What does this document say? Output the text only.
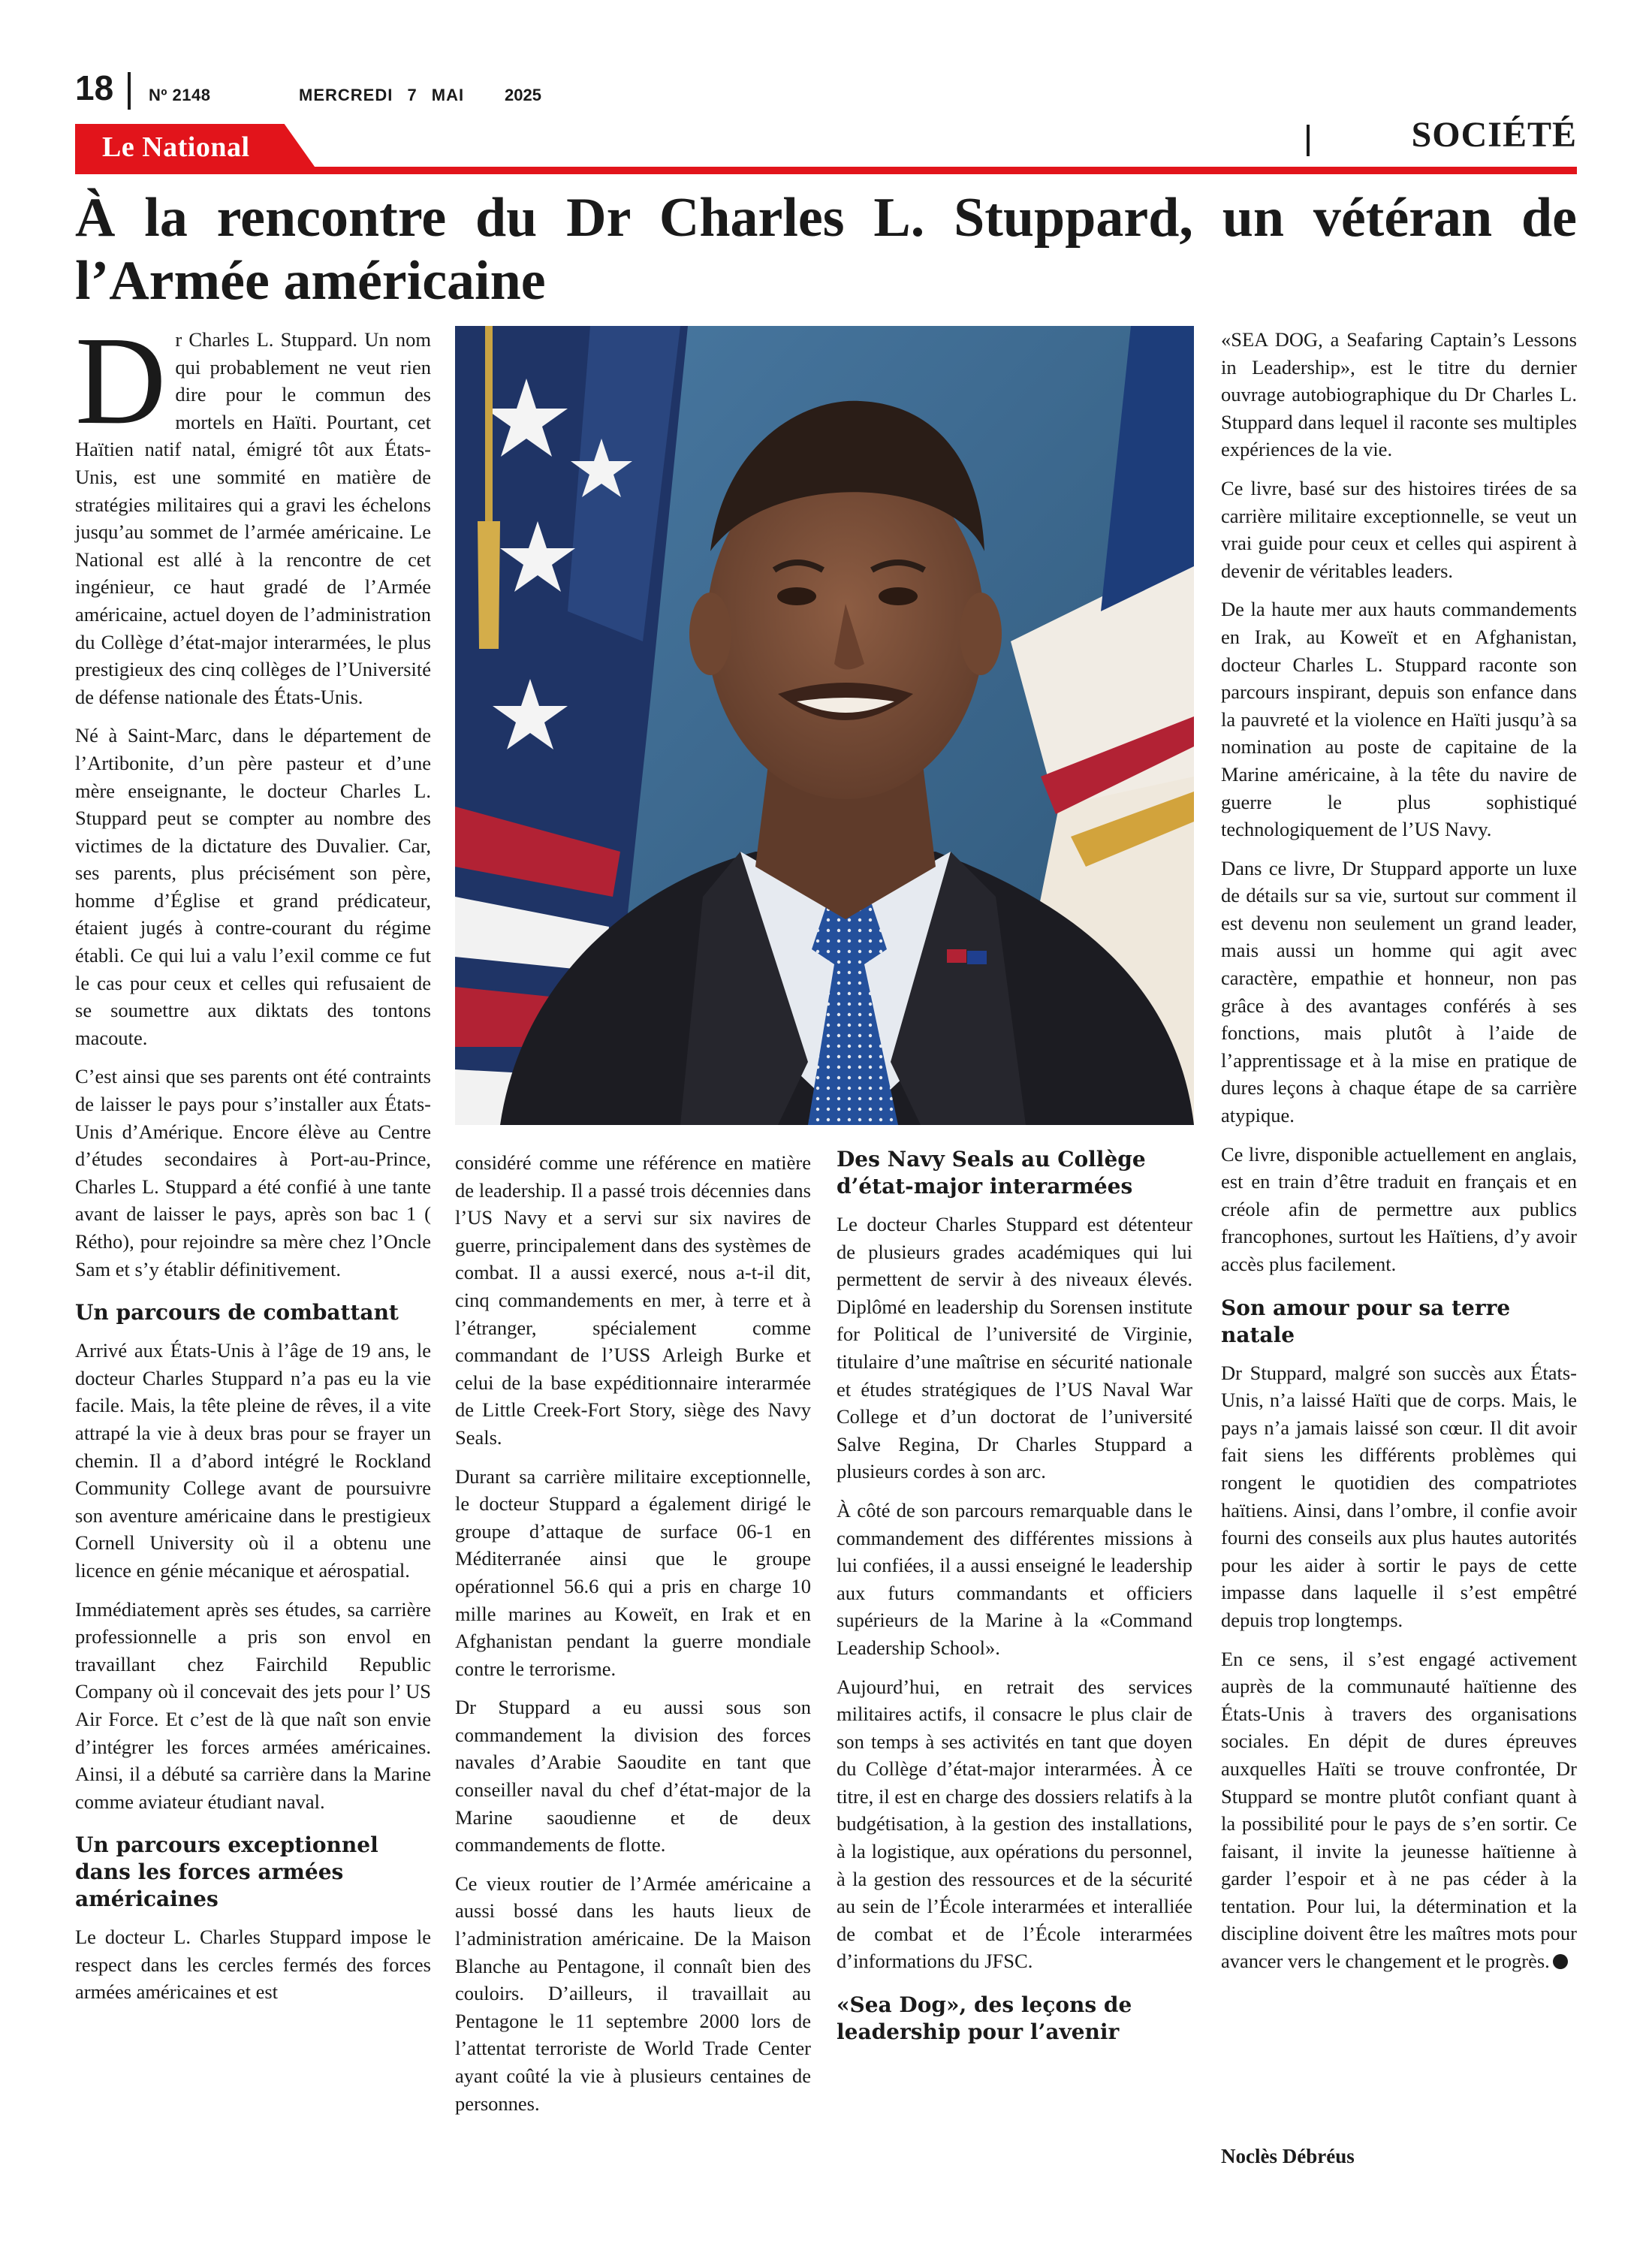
18 Nº 2148	MERCREDI 7 MAI 2025
Le National	SOCIÉTÉ
À la rencontre du Dr Charles L. Stuppard, un vétéran de l’Armée américaine

Dr Charles L. Stuppard. Un nom qui probablement ne veut rien dire pour le commun des mortels en Haïti. Pourtant, cet Haïtien natif natal, émigré tôt aux États-Unis, est une sommité en matière de stratégies militaires qui a gravi les échelons jusqu’au sommet de l’armée américaine. Le National est allé à la rencontre de cet ingénieur, ce haut gradé de l’Armée américaine, actuel doyen de l’administration du Collège d’état-major interarmées, le plus prestigieux des cinq collèges de l’Université de défense nationale des États-Unis.

Né à Saint-Marc, dans le département de l’Artibonite, d’un père pasteur et d’une mère enseignante, le docteur Charles L. Stuppard peut se compter au nombre des victimes de la dictature des Duvalier. Car, ses parents, plus précisément son père, homme d’Église et grand prédicateur, étaient jugés à contre-courant du régime établi. Ce qui lui a valu l’exil comme ce fut le cas pour ceux et celles qui refusaient de se soumettre aux diktats des tontons macoute.

C’est ainsi que ses parents ont été contraints de laisser le pays pour s’installer aux États-Unis d’Amérique. Encore élève au Centre d’études secondaires à Port-au-Prince, Charles L. Stuppard a été confié à une tante avant de laisser le pays, après son bac 1 ( Rétho), pour rejoindre sa mère chez l’Oncle Sam et s’y établir définitivement.

Un parcours de combattant

Arrivé aux États-Unis à l’âge de 19 ans, le docteur Charles Stuppard n’a pas eu la vie facile. Mais, la tête pleine de rêves, il a vite attrapé la vie à deux bras pour se frayer un chemin. Il a d’abord intégré le Rockland Community College avant de poursuivre son aventure américaine dans le prestigieux Cornell University où il a obtenu une licence en génie mécanique et aérospatial.

Immédiatement après ses études, sa carrière professionnelle a pris son envol en travaillant chez Fairchild Republic Company où il concevait des jets pour l’ US Air Force. Et c’est de là que naît son envie d’intégrer les forces armées américaines. Ainsi, il a débuté sa carrière dans la Marine comme aviateur étudiant naval.

Un parcours exceptionnel dans les forces armées américaines

Le docteur L. Charles Stuppard impose le respect dans les cercles fermés des forces armées américaines et est

considéré comme une référence en matière de leadership. Il a passé trois décennies dans l’US Navy et a servi sur six navires de guerre, principalement dans des systèmes de combat. Il a aussi exercé, nous a-t-il dit, cinq commandements en mer, à terre et à l’étranger, spécialement comme commandant de l’USS Arleigh Burke et celui de la base expéditionnaire interarmée de Little Creek-Fort Story, siège des Navy Seals.

Durant sa carrière militaire exceptionnelle, le docteur Stuppard a également dirigé le groupe d’attaque de surface 06-1 en Méditerranée ainsi que le groupe opérationnel 56.6 qui a pris en charge 10 mille marines au Koweït, en Irak et en Afghanistan pendant la guerre mondiale contre le terrorisme.

Dr Stuppard a eu aussi sous son commandement la division des forces navales d’Arabie Saoudite en tant que conseiller naval du chef d’état-major de la Marine saoudienne et de deux commandements de flotte.

Ce vieux routier de l’Armée américaine a aussi bossé dans les hauts lieux de l’administration américaine. De la Maison Blanche au Pentagone, il connaît bien des couloirs. D’ailleurs, il travaillait au Pentagone le 11 septembre 2000 lors de l’attentat terroriste de World Trade Center ayant coûté la vie à plusieurs centaines de personnes.

Des Navy Seals au Collège d’état-major interarmées

Le docteur Charles Stuppard est détenteur de plusieurs grades académiques qui lui permettent de servir à des niveaux élevés. Diplômé en leadership du Sorensen institute for Political de l’université de Virginie, titulaire d’une maîtrise en sécurité nationale et études stratégiques de l’US Naval War College et d’un doctorat de l’université Salve Regina, Dr Charles Stuppard a plusieurs cordes à son arc.

À côté de son parcours remarquable dans le commandement des différentes missions à lui confiées, il a aussi enseigné le leadership aux futurs commandants et officiers supérieurs de la Marine à la «Command Leadership School».

Aujourd’hui, en retrait des services militaires actifs, il consacre le plus clair de son temps à ses activités en tant que doyen du Collège d’état-major interarmées. À ce titre, il est en charge des dossiers relatifs à la budgétisation, à la gestion des installations, à la logistique, aux opérations du personnel, à la gestion des ressources et de la sécurité au sein de l’École interarmées et interalliée de combat et de l’École interarmées d’informations du JFSC.

«Sea Dog», des leçons de leadership pour l’avenir

«SEA DOG, a Seafaring Captain’s Lessons in Leadership», est le titre du dernier ouvrage autobiographique du Dr Charles L. Stuppard dans lequel il raconte ses multiples expériences de la vie.

Ce livre, basé sur des histoires tirées de sa carrière militaire exceptionnelle, se veut un vrai guide pour ceux et celles qui aspirent à devenir de véritables leaders.

De la haute mer aux hauts commandements en Irak, au Koweït et en Afghanistan, docteur Charles L. Stuppard raconte son parcours inspirant, depuis son enfance dans la pauvreté et la violence en Haïti jusqu’à sa nomination au poste de capitaine de la Marine américaine, à la tête du navire de guerre le plus sophistiqué technologiquement de l’US Navy.

Dans ce livre, Dr Stuppard apporte un luxe de détails sur sa vie, surtout sur comment il est devenu non seulement un grand leader, mais aussi un homme qui agit avec caractère, empathie et honneur, non pas grâce à des avantages conférés à ses fonctions, mais plutôt à l’aide de l’apprentissage et à la mise en pratique de dures leçons à chaque étape de sa carrière atypique.

Ce livre, disponible actuellement en anglais, est en train d’être traduit en français et en créole afin de permettre aux publics francophones, surtout les Haïtiens, d’y avoir accès plus facilement.

Son amour pour sa terre natale

Dr Stuppard, malgré son succès aux États-Unis, n’a laissé Haïti que de corps. Mais, le pays n’a jamais laissé son cœur. Il dit avoir fait siens les différents problèmes qui rongent le quotidien des compatriotes haïtiens. Ainsi, dans l’ombre, il confie avoir fourni des conseils aux plus hautes autorités pour les aider à sortir le pays de cette impasse dans laquelle il s’est empêtré depuis trop longtemps.

En ce sens, il s’est engagé activement auprès de la communauté haïtienne des États-Unis à travers des organisations sociales. En dépit de dures épreuves auxquelles Haïti se trouve confrontée, Dr Stuppard se montre plutôt confiant quant à la possibilité pour le pays de s’en sortir. Ce faisant, il invite la jeunesse haïtienne à garder l’espoir et à ne pas céder à la tentation. Pour lui, la détermination et la discipline doivent être les maîtres mots pour avancer vers le changement et le progrès.

Noclès Débréus
